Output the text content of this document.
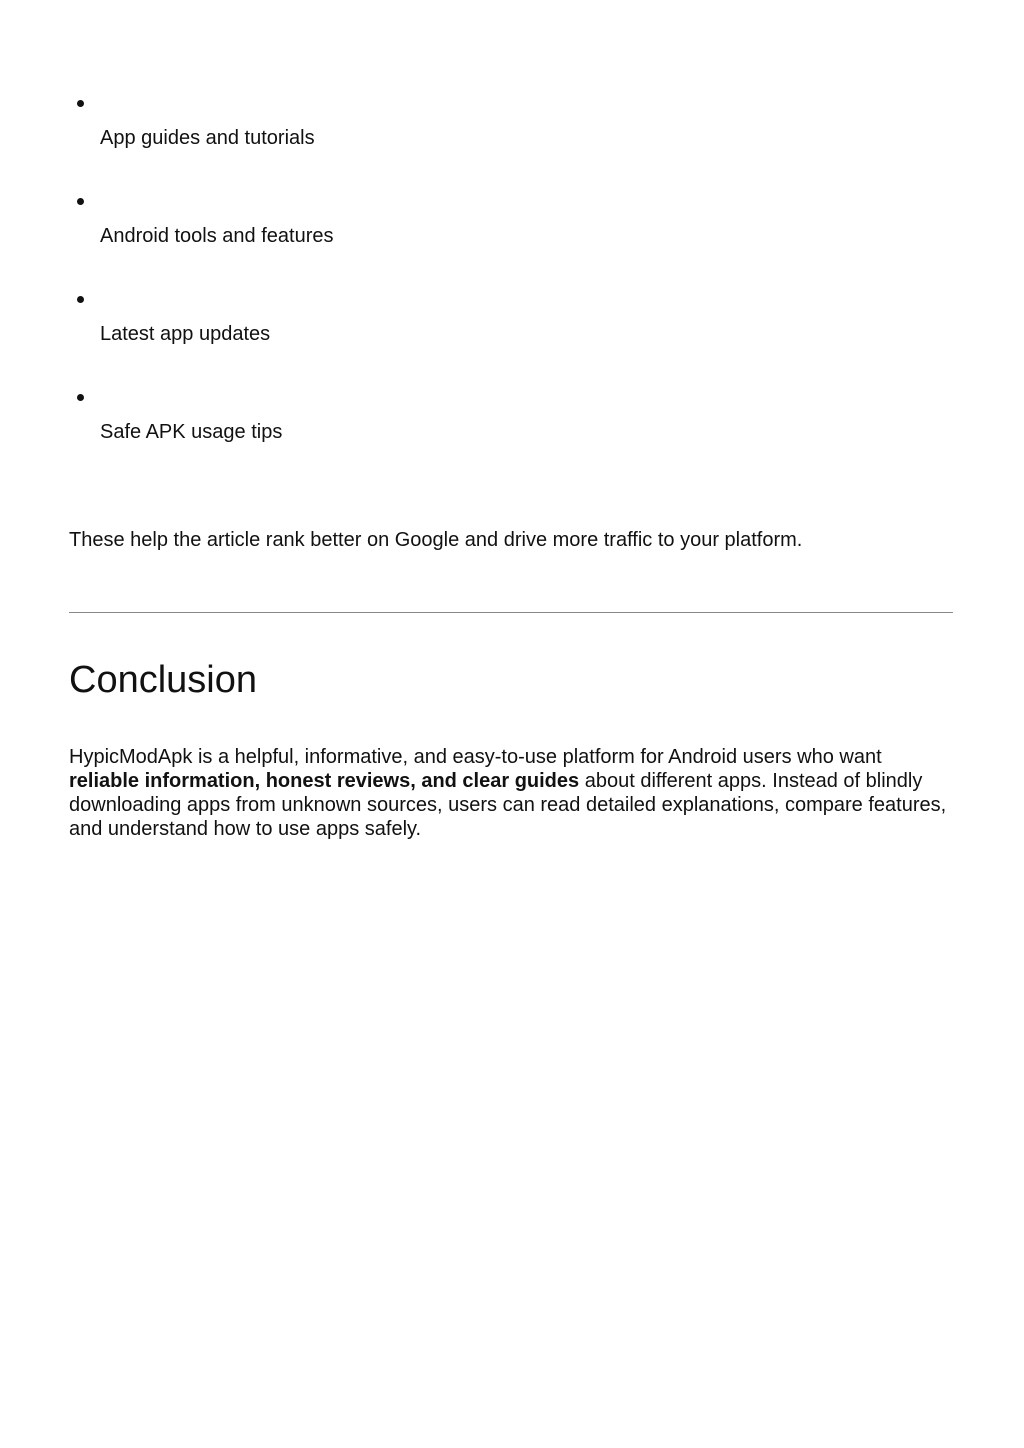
App guides and tutorials
Android tools and features
Latest app updates
Safe APK usage tips

These help the article rank better on Google and drive more traffic to your platform.

Conclusion

HypicModApk is a helpful, informative, and easy-to-use platform for Android users who want reliable information, honest reviews, and clear guides about different apps. Instead of blindly downloading apps from unknown sources, users can read detailed explanations, compare features, and understand how to use apps safely.
